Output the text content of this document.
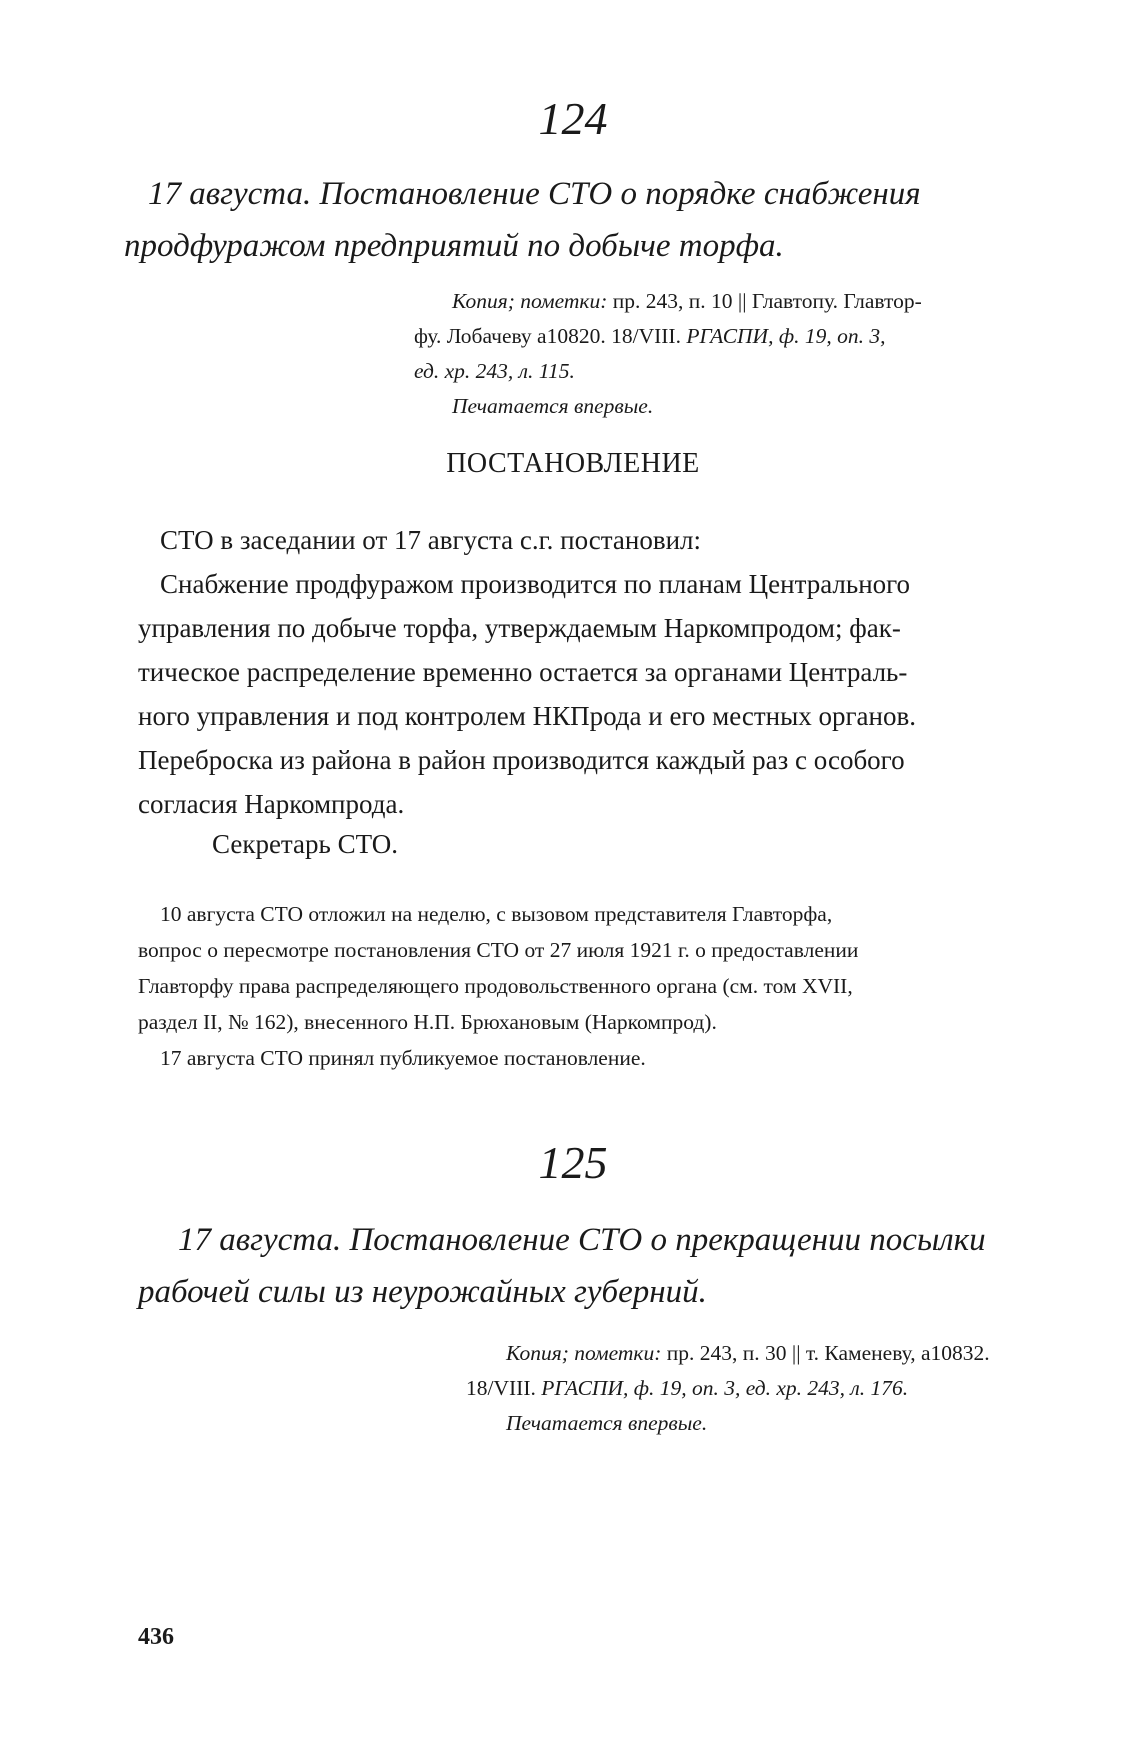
124
17 августа. Постановление СТО о порядке снабжения
продфуражом предприятий по добыче торфа.
Копия; пометки: пр. 243, п. 10 || Главтопу. Главтор-
фу. Лобачеву а10820. 18/VIII. РГАСПИ, ф. 19, оп. 3,
ед. хр. 243, л. 115.
Печатается впервые.
ПОСТАНОВЛЕНИЕ
СТО в заседании от 17 августа с.г. постановил:
Снабжение продфуражом производится по планам Центрального
управления по добыче торфа, утверждаемым Наркомпродом; фак-
тическое распределение временно остается за органами Централь-
ного управления и под контролем НКПрода и его местных органов.
Переброска из района в район производится каждый раз с особого
согласия Наркомпрода.
Секретарь СТО.
10 августа СТО отложил на неделю, с вызовом представителя Главторфа,
вопрос о пересмотре постановления СТО от 27 июля 1921 г. о предоставлении
Главторфу права распределяющего продовольственного органа (см. том XVII,
раздел II, № 162), внесенного Н.П. Брюхановым (Наркомпрод).
17 августа СТО принял публикуемое постановление.
125
17 августа. Постановление СТО о прекращении посылки
рабочей силы из неурожайных губерний.
Копия; пометки: пр. 243, п. 30 || т. Каменеву, а10832.
18/VIII. РГАСПИ, ф. 19, оп. 3, ед. хр. 243, л. 176.
Печатается впервые.
436
